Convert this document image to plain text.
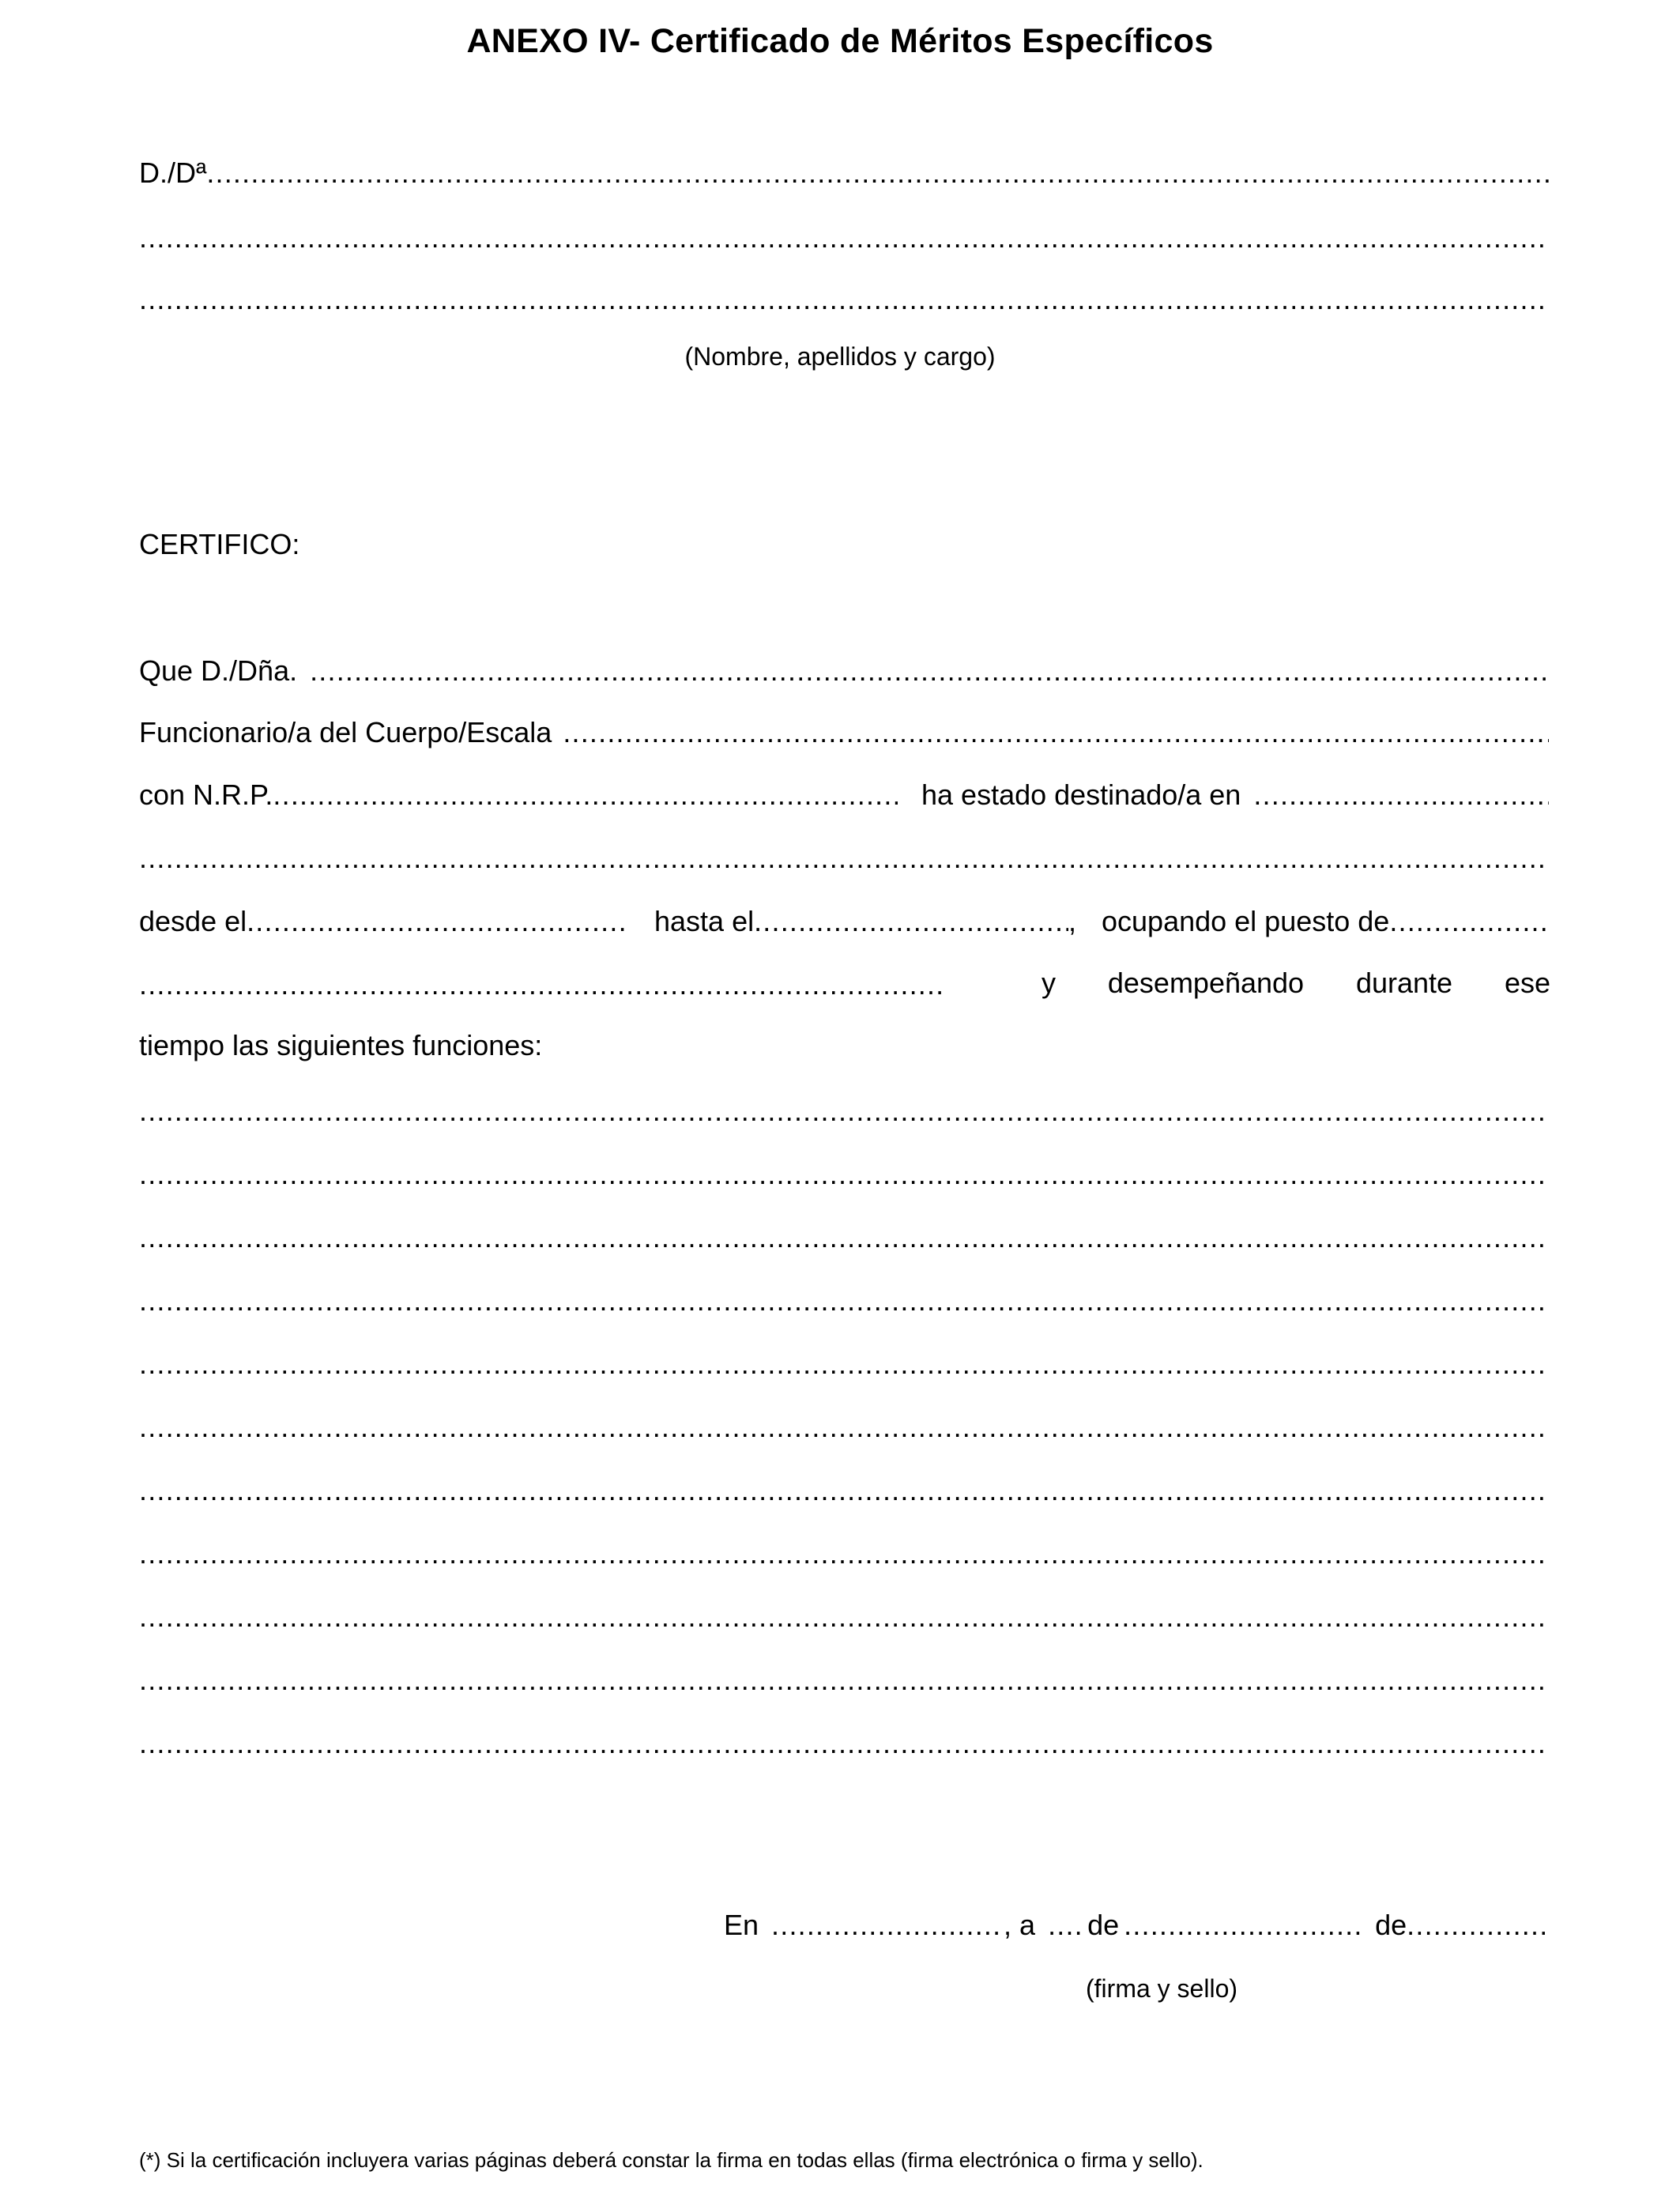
ANEXO IV- Certificado de Méritos Específicos
D./Dª
.....
.....
.....
(Nombre, apellidos y cargo)
CERTIFICO:
Que D./Dña.
.....
Funcionario/a del Cuerpo/Escala
.....
con N.R.P. .....	ha estado destinado/a en
.....
.....
desde el .....	hasta el .....	, ocupando el puesto de
.....
.....
y desempeñando durante ese
tiempo las siguientes funciones:
.....
.....
.....
.....
.....
.....
.....
.....
.....
.....
.....
En .....	, a ..... de .....	de
.....
(firma y sello)
(*) Si la certificación incluyera varias páginas deberá constar la firma en todas ellas (firma electrónica o firma y sello).
